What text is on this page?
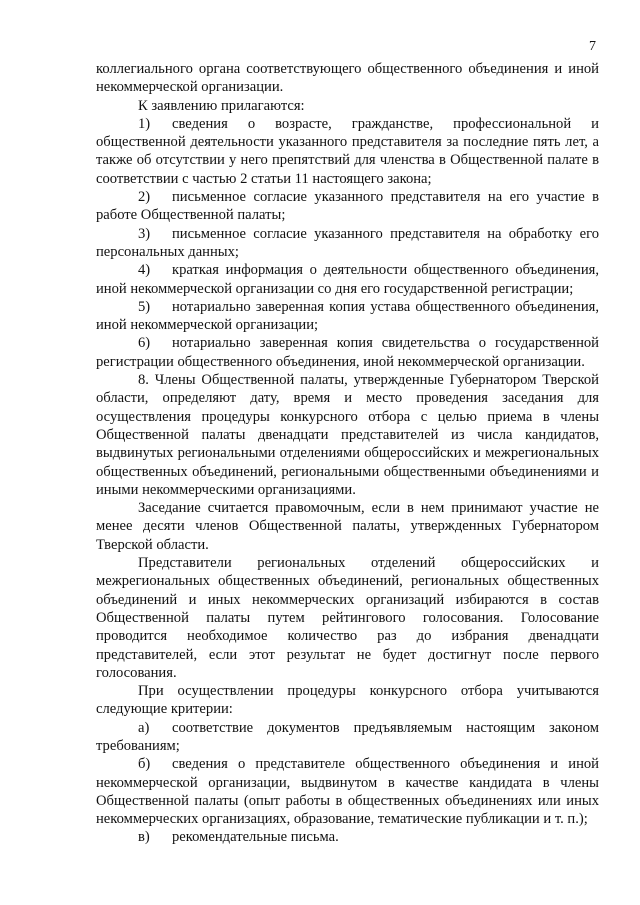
7

коллегиального органа соответствующего общественного объединения и иной некоммерческой организации.

К заявлению прилагаются:

1) сведения о возрасте, гражданстве, профессиональной и общественной деятельности указанного представителя за последние пять лет, а также об отсутствии у него препятствий для членства в Общественной палате в соответствии с частью 2 статьи 11 настоящего закона;

2) письменное согласие указанного представителя на его участие в работе Общественной палаты;

3) письменное согласие указанного представителя на обработку его персональных данных;

4) краткая информация о деятельности общественного объединения, иной некоммерческой организации со дня его государственной регистрации;

5) нотариально заверенная копия устава общественного объединения, иной некоммерческой организации;

6) нотариально заверенная копия свидетельства о государственной регистрации общественного объединения, иной некоммерческой организации.

8. Члены Общественной палаты, утвержденные Губернатором Тверской области, определяют дату, время и место проведения заседания для осуществления процедуры конкурсного отбора с целью приема в члены Общественной палаты двенадцати представителей из числа кандидатов, выдвинутых региональными отделениями общероссийских и межрегиональных общественных объединений, региональными общественными объединениями и иными некоммерческими организациями.

Заседание считается правомочным, если в нем принимают участие не менее десяти членов Общественной палаты, утвержденных Губернатором Тверской области.

Представители региональных отделений общероссийских и межрегиональных общественных объединений, региональных общественных объединений и иных некоммерческих организаций избираются в состав Общественной палаты путем рейтингового голосования. Голосование проводится необходимое количество раз до избрания двенадцати представителей, если этот результат не будет достигнут после первого голосования.

При осуществлении процедуры конкурсного отбора учитываются следующие критерии:

а) соответствие документов предъявляемым настоящим законом требованиям;

б) сведения о представителе общественного объединения и иной некоммерческой организации, выдвинутом в качестве кандидата в члены Общественной палаты (опыт работы в общественных объединениях или иных некоммерческих организациях, образование, тематические публикации и т. п.);

в) рекомендательные письма.
